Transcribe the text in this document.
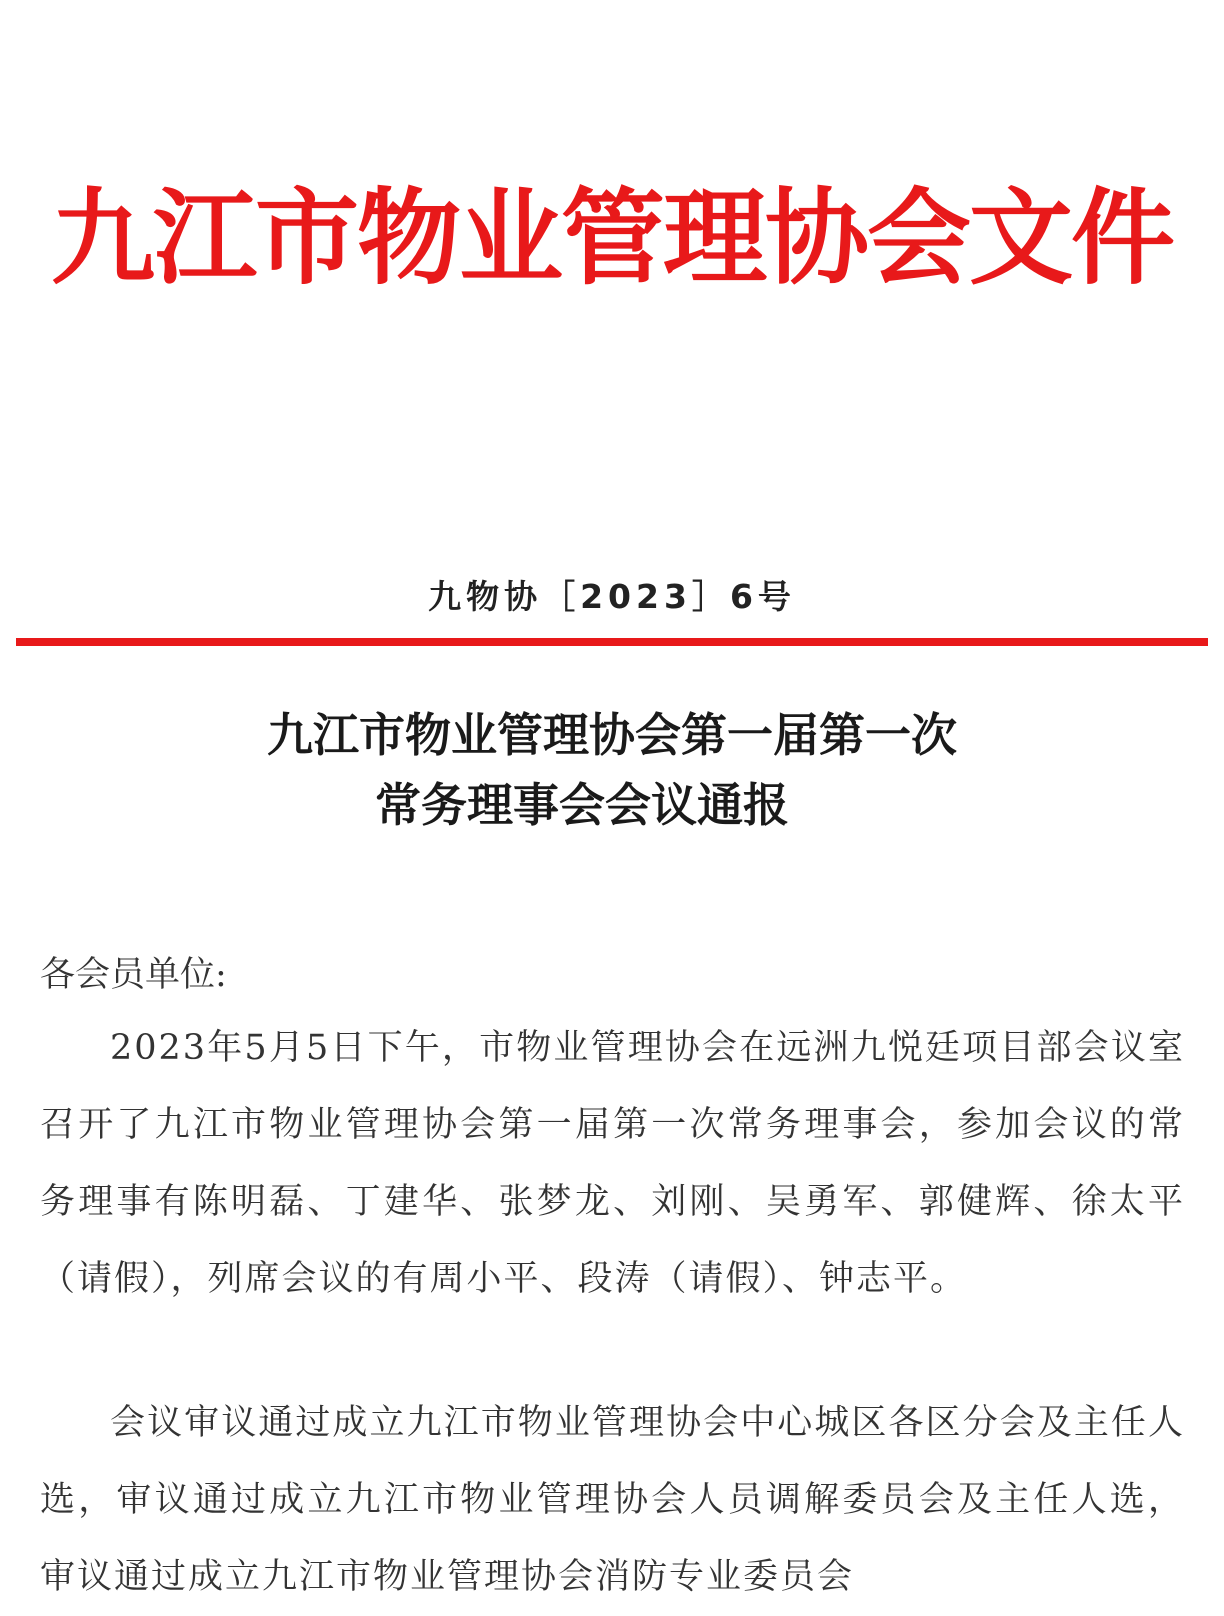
九江市物业管理协会文件
九物协［2023］6号
九江市物业管理协会第一届第一次
常务理事会会议通报
各会员单位:

2023年5月5日下午，市物业管理协会在远洲九悦廷项目部会议室召开了九江市物业管理协会第一届第一次常务理事会，参加会议的常务理事有陈明磊、丁建华、张梦龙、刘刚、吴勇军、郭健辉、徐太平（请假），列席会议的有周小平、段涛（请假）、钟志平。

会议审议通过成立九江市物业管理协会中心城区各区分会及主任人选，审议通过成立九江市物业管理协会人员调解委员会及主任人选，审议通过成立九江市物业管理协会消防专业委员会
